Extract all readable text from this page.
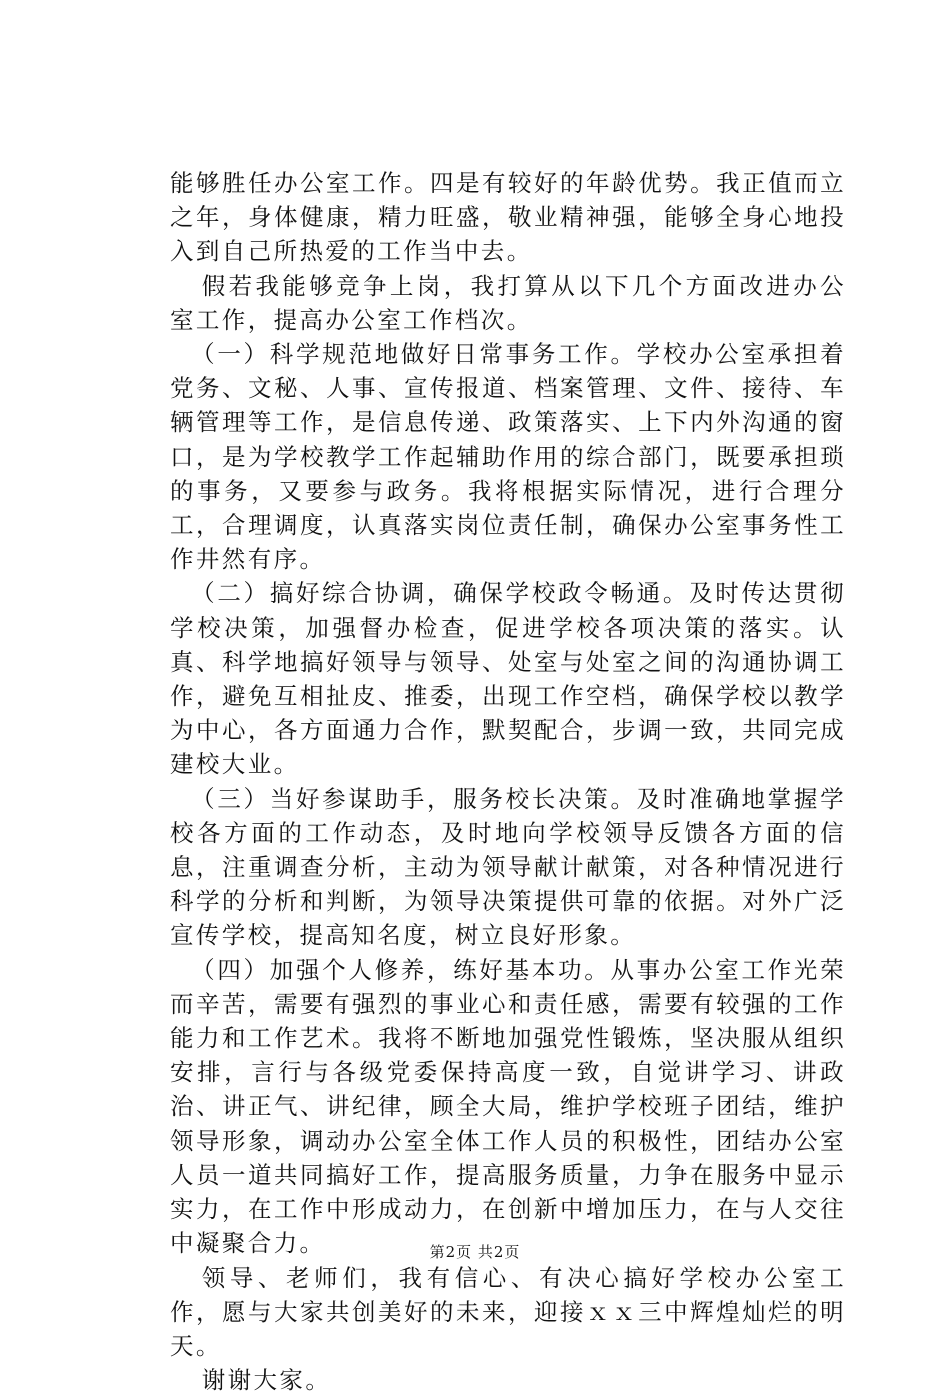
能够胜任办公室工作。四是有较好的年龄优势。我正值而立之年，身体健康，精力旺盛，敬业精神强，能够全身心地投入到自己所热爱的工作当中去。

假若我能够竞争上岗，我打算从以下几个方面改进办公室工作，提高办公室工作档次。

（一）科学规范地做好日常事务工作。学校办公室承担着党务、文秘、人事、宣传报道、档案管理、文件、接待、车辆管理等工作，是信息传递、政策落实、上下内外沟通的窗口，是为学校教学工作起辅助作用的综合部门，既要承担琐的事务，又要参与政务。我将根据实际情况，进行合理分工，合理调度，认真落实岗位责任制，确保办公室事务性工作井然有序。

（二）搞好综合协调，确保学校政令畅通。及时传达贯彻学校决策，加强督办检查，促进学校各项决策的落实。认真、科学地搞好领导与领导、处室与处室之间的沟通协调工作，避免互相扯皮、推委，出现工作空档，确保学校以教学为中心，各方面通力合作，默契配合，步调一致，共同完成建校大业。

（三）当好参谋助手，服务校长决策。及时准确地掌握学校各方面的工作动态，及时地向学校领导反馈各方面的信息，注重调查分析，主动为领导献计献策，对各种情况进行科学的分析和判断，为领导决策提供可靠的依据。对外广泛宣传学校，提高知名度，树立良好形象。

（四）加强个人修养，练好基本功。从事办公室工作光荣而辛苦，需要有强烈的事业心和责任感，需要有较强的工作能力和工作艺术。我将不断地加强党性锻炼，坚决服从组织安排，言行与各级党委保持高度一致，自觉讲学习、讲政治、讲正气、讲纪律，顾全大局，维护学校班子团结，维护领导形象，调动办公室全体工作人员的积极性，团结办公室人员一道共同搞好工作，提高服务质量，力争在服务中显示实力，在工作中形成动力，在创新中增加压力，在与人交往中凝聚合力。

领导、老师们，我有信心、有决心搞好学校办公室工作，愿与大家共创美好的未来，迎接ｘｘ三中辉煌灿烂的明天。

谢谢大家。

第2页 共2页
